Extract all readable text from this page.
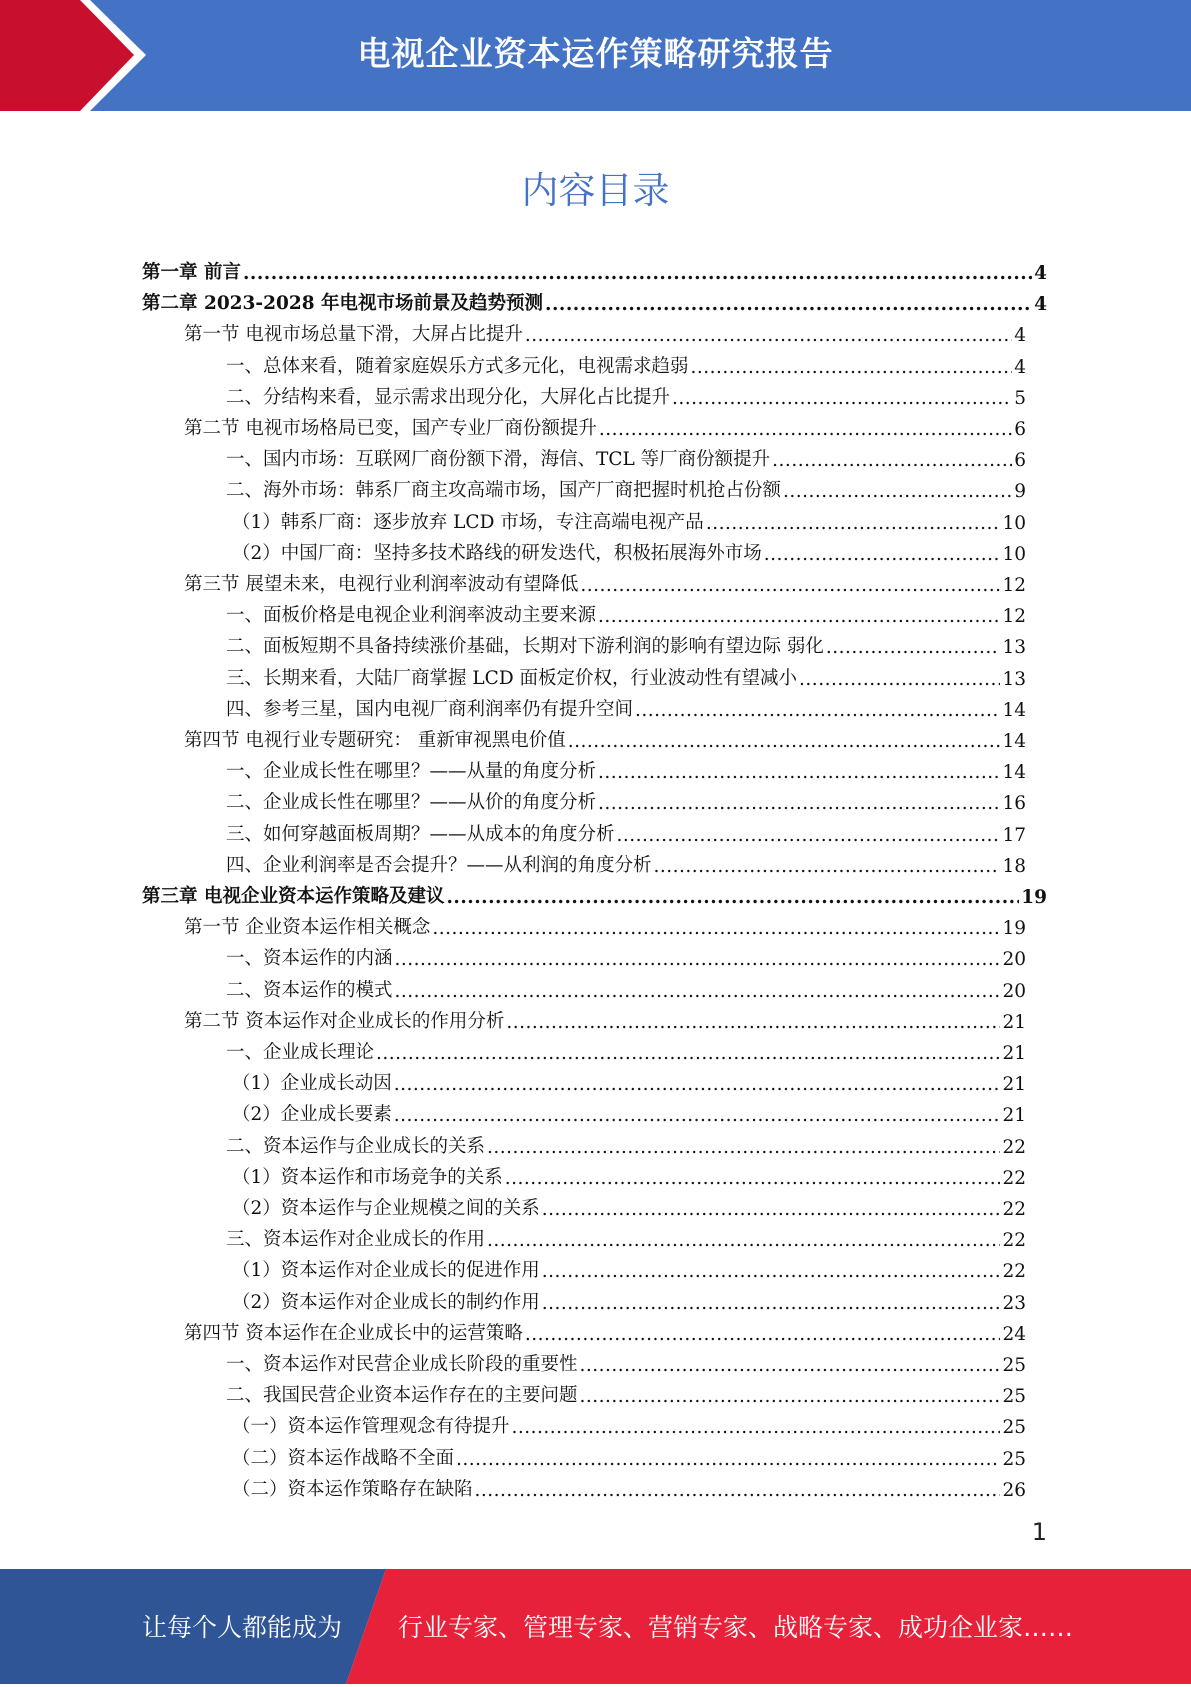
电视企业资本运作策略研究报告
内容目录
第一章 前言 .....	4
第二章 2023-2028 年电视市场前景及趋势预测 .....	4
第一节 电视市场总量下滑，大屏占比提升 .....	4
一、总体来看，随着家庭娱乐方式多元化，电视需求趋弱 .....	4
二、分结构来看，显示需求出现分化，大屏化占比提升 .....	5
第二节 电视市场格局已变，国产专业厂商份额提升 .....	6
一、国内市场：互联网厂商份额下滑，海信、TCL 等厂商份额提升 .....	6
二、海外市场：韩系厂商主攻高端市场，国产厂商把握时机抢占份额 .....	9
（1）韩系厂商：逐步放弃 LCD 市场，专注高端电视产品 .....	10
（2）中国厂商：坚持多技术路线的研发迭代，积极拓展海外市场 .....	10
第三节 展望未来，电视行业利润率波动有望降低 .....	12
一、面板价格是电视企业利润率波动主要来源 .....	12
二、面板短期不具备持续涨价基础，长期对下游利润的影响有望边际 弱化 .....	13
三、长期来看，大陆厂商掌握 LCD 面板定价权，行业波动性有望减小 .....	13
四、参考三星，国内电视厂商利润率仍有提升空间 .....	14
第四节 电视行业专题研究： 重新审视黑电价值 .....	14
一、企业成长性在哪里？——从量的角度分析 .....	14
二、企业成长性在哪里？——从价的角度分析 .....	16
三、如何穿越面板周期？——从成本的角度分析 .....	17
四、企业利润率是否会提升？——从利润的角度分析 .....	18
第三章 电视企业资本运作策略及建议 .....	19
第一节 企业资本运作相关概念 .....	19
一、资本运作的内涵 .....	20
二、资本运作的模式 .....	20
第二节 资本运作对企业成长的作用分析 .....	21
一、企业成长理论 .....	21
（1）企业成长动因 .....	21
（2）企业成长要素 .....	21
二、资本运作与企业成长的关系 .....	22
（1）资本运作和市场竞争的关系 .....	22
（2）资本运作与企业规模之间的关系 .....	22
三、资本运作对企业成长的作用 .....	22
（1）资本运作对企业成长的促进作用 .....	22
（2）资本运作对企业成长的制约作用 .....	23
第四节 资本运作在企业成长中的运营策略 .....	24
一、资本运作对民营企业成长阶段的重要性 .....	25
二、我国民营企业资本运作存在的主要问题 .....	25
（一）资本运作管理观念有待提升 .....	25
（二）资本运作战略不全面 .....	25
（二）资本运作策略存在缺陷 .....	26
1
让每个人都能成为 行业专家、管理专家、营销专家、战略专家、成功企业家……
